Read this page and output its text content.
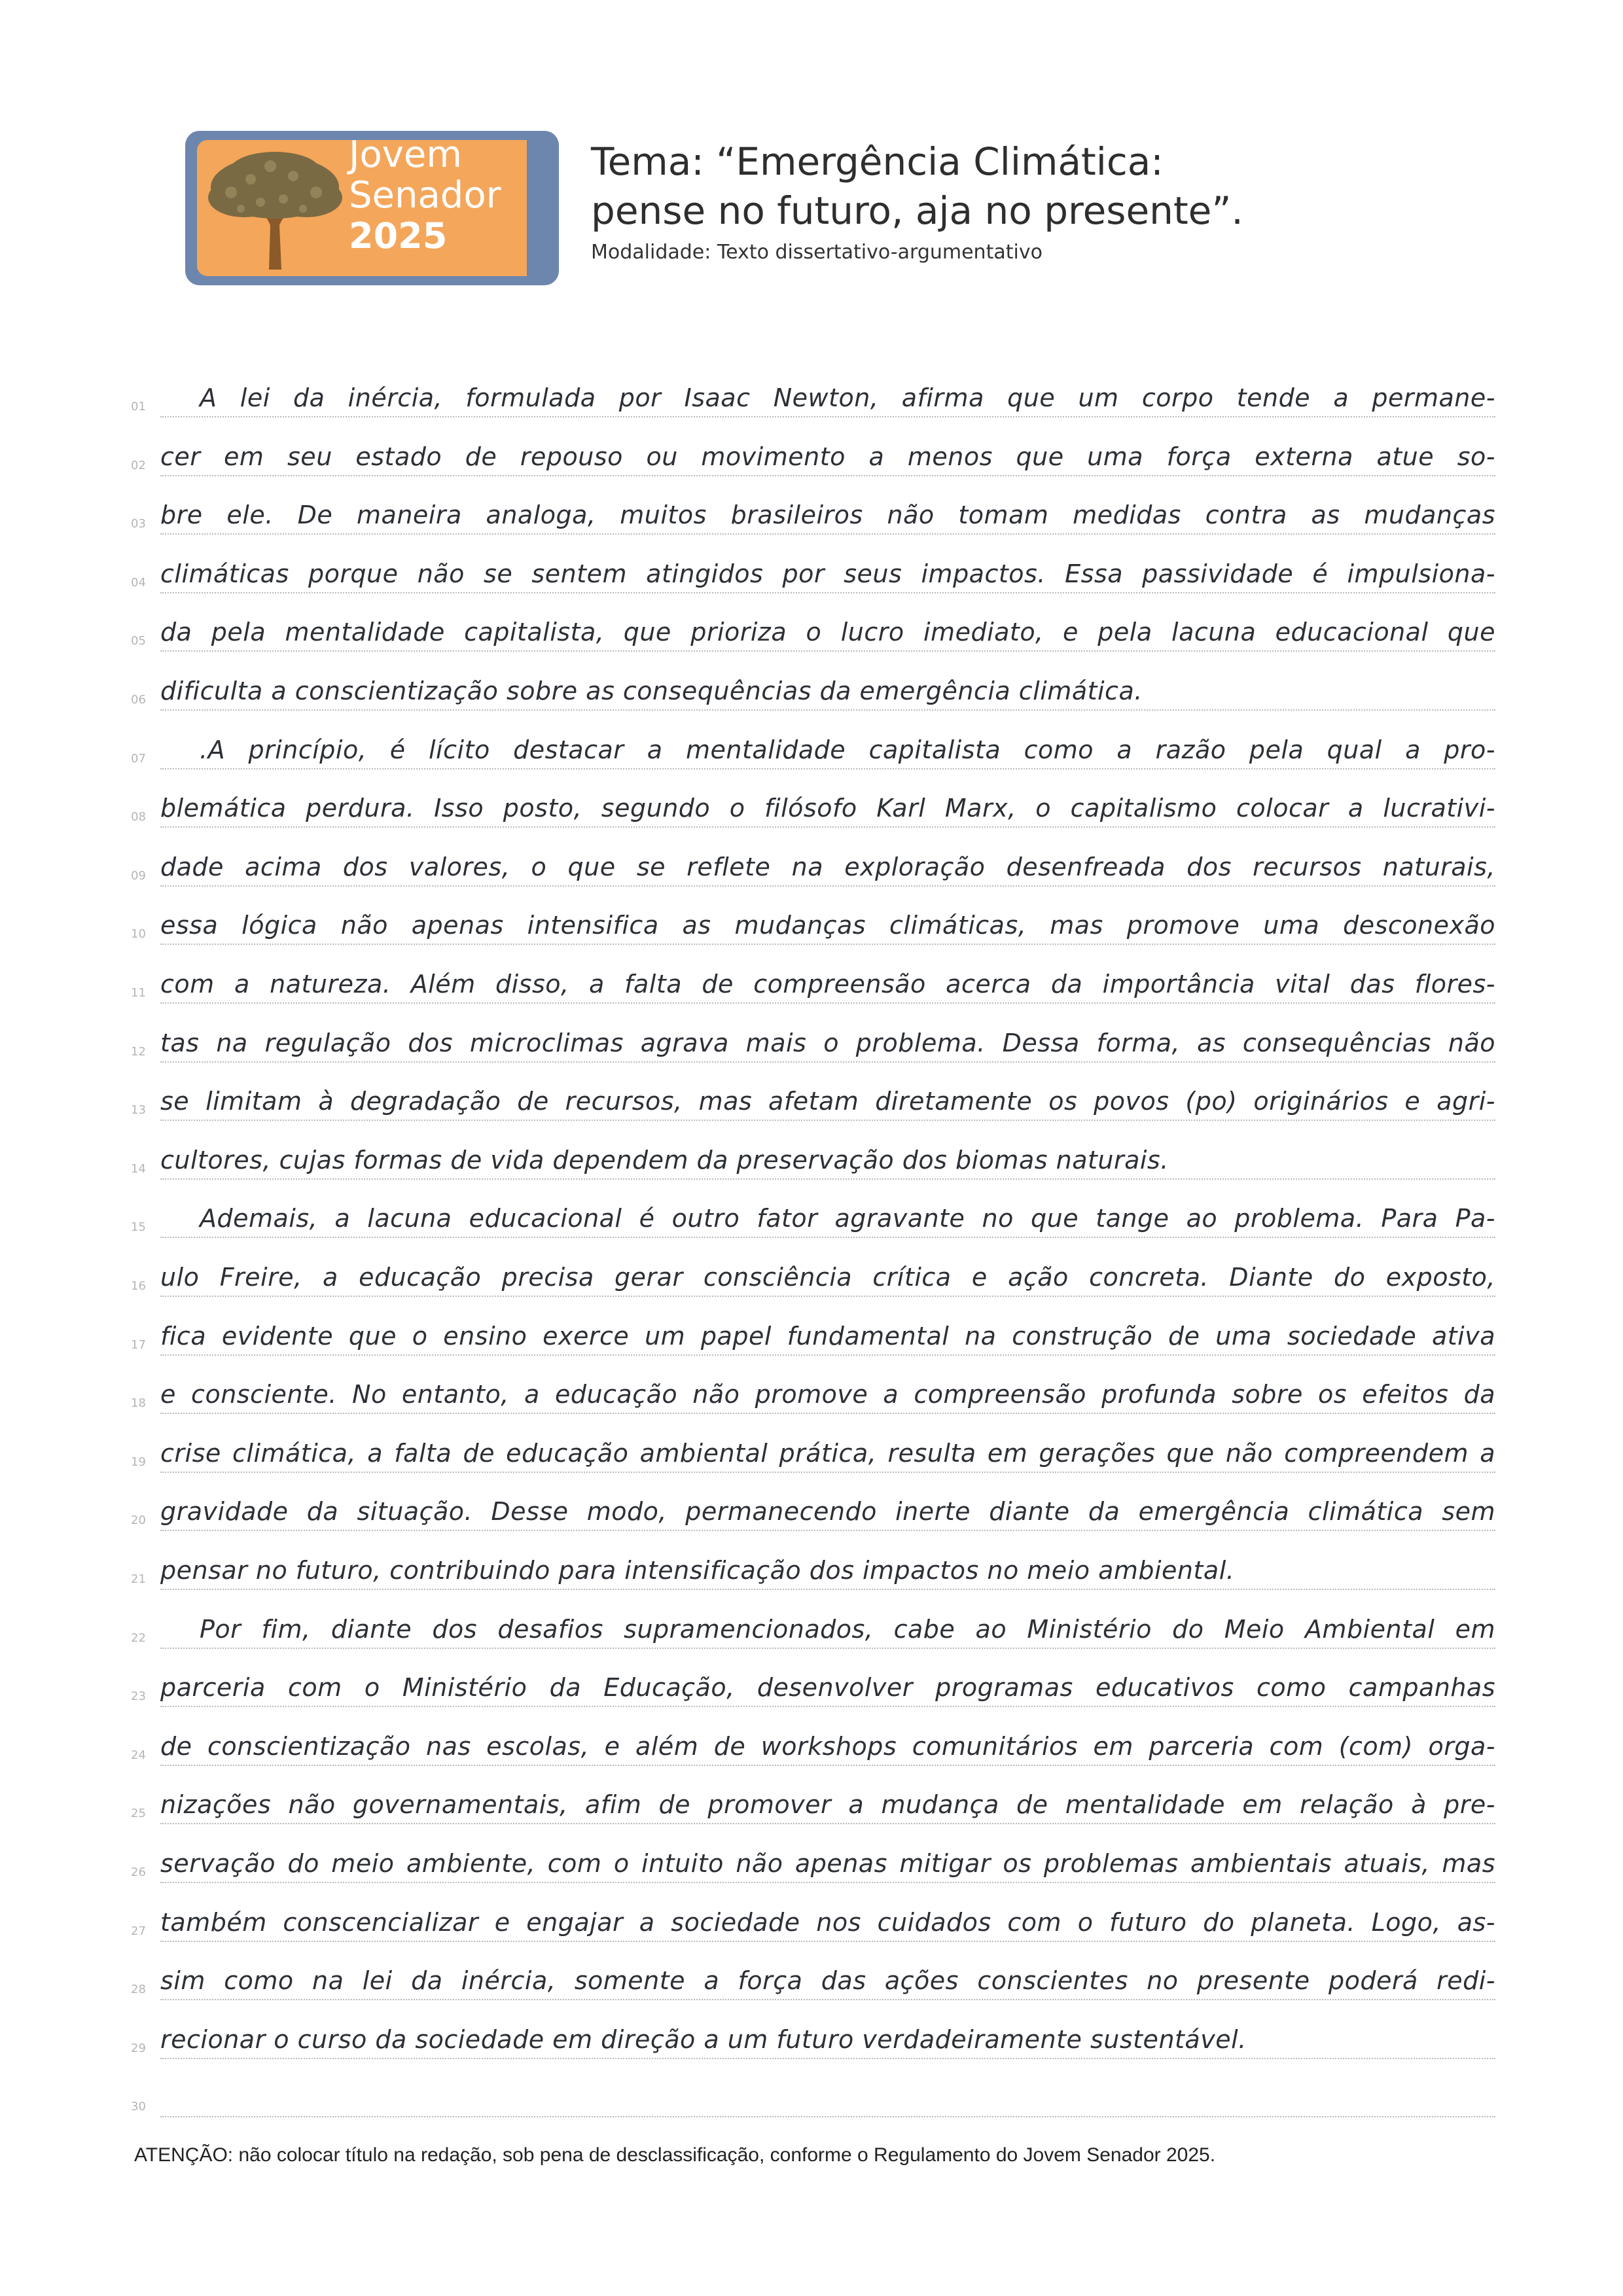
Jovem
Senador
2025
Tema: “Emergência Climática:
pense no futuro, aja no presente”.
Modalidade: Texto dissertativo-argumentativo
01 A lei da inércia, formulada por Isaac Newton, afirma que um corpo tende a permane-
02 cer em seu estado de repouso ou movimento a menos que uma força externa atue so-
03 bre ele. De maneira analoga, muitos brasileiros não tomam medidas contra as mudanças
04 climáticas porque não se sentem atingidos por seus impactos. Essa passividade é impulsiona-
05 da pela mentalidade capitalista, que prioriza o lucro imediato, e pela lacuna educacional que
06 dificulta a conscientização sobre as consequências da emergência climática.
07 .A princípio, é lícito destacar a mentalidade capitalista como a razão pela qual a pro-
08 blemática perdura. Isso posto, segundo o filósofo Karl Marx, o capitalismo colocar a lucrativi-
09 dade acima dos valores, o que se reflete na exploração desenfreada dos recursos naturais,
10 essa lógica não apenas intensifica as mudanças climáticas, mas promove uma desconexão
11 com a natureza. Além disso, a falta de compreensão acerca da importância vital das flores-
12 tas na regulação dos microclimas agrava mais o problema. Dessa forma, as consequências não
13 se limitam à degradação de recursos, mas afetam diretamente os povos (po) originários e agri-
14 cultores, cujas formas de vida dependem da preservação dos biomas naturais.
15 Ademais, a lacuna educacional é outro fator agravante no que tange ao problema. Para Pa-
16 ulo Freire, a educação precisa gerar consciência crítica e ação concreta. Diante do exposto,
17 fica evidente que o ensino exerce um papel fundamental na construção de uma sociedade ativa
18 e consciente. No entanto, a educação não promove a compreensão profunda sobre os efeitos da
19 crise climática, a falta de educação ambiental prática, resulta em gerações que não compreendem a
20 gravidade da situação. Desse modo, permanecendo inerte diante da emergência climática sem
21 pensar no futuro, contribuindo para intensificação dos impactos no meio ambiental.
22 Por fim, diante dos desafios supramencionados, cabe ao Ministério do Meio Ambiental em
23 parceria com o Ministério da Educação, desenvolver programas educativos como campanhas
24 de conscientização nas escolas, e além de workshops comunitários em parceria com (com) orga-
25 nizações não governamentais, afim de promover a mudança de mentalidade em relação à pre-
26 servação do meio ambiente, com o intuito não apenas mitigar os problemas ambientais atuais, mas
27 também conscencializar e engajar a sociedade nos cuidados com o futuro do planeta. Logo, as-
28 sim como na lei da inércia, somente a força das ações conscientes no presente poderá redi-
29 recionar o curso da sociedade em direção a um futuro verdadeiramente sustentável.
30
ATENÇÃO: não colocar título na redação, sob pena de desclassificação, conforme o Regulamento do Jovem Senador 2025.
